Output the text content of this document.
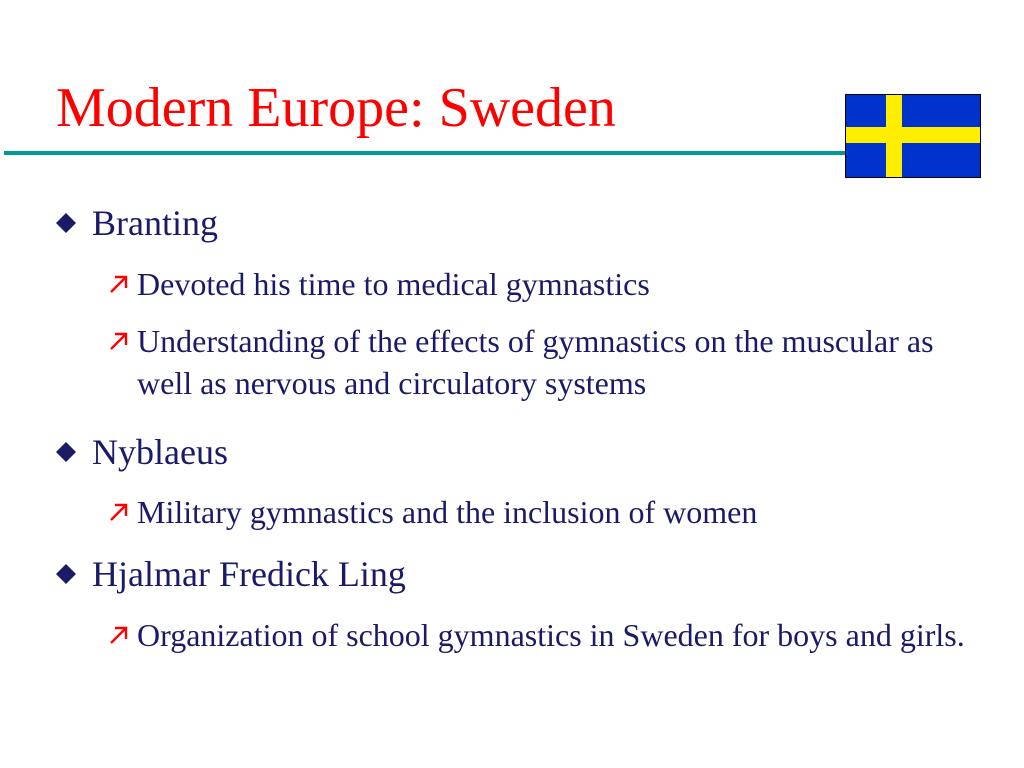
Modern Europe: Sweden
Branting
Devoted his time to medical gymnastics
Understanding of the effects of gymnastics on the muscular as well as nervous and circulatory systems
Nyblaeus
Military gymnastics and the inclusion of women
Hjalmar Fredick Ling
Organization of school gymnastics in Sweden for boys and girls.
